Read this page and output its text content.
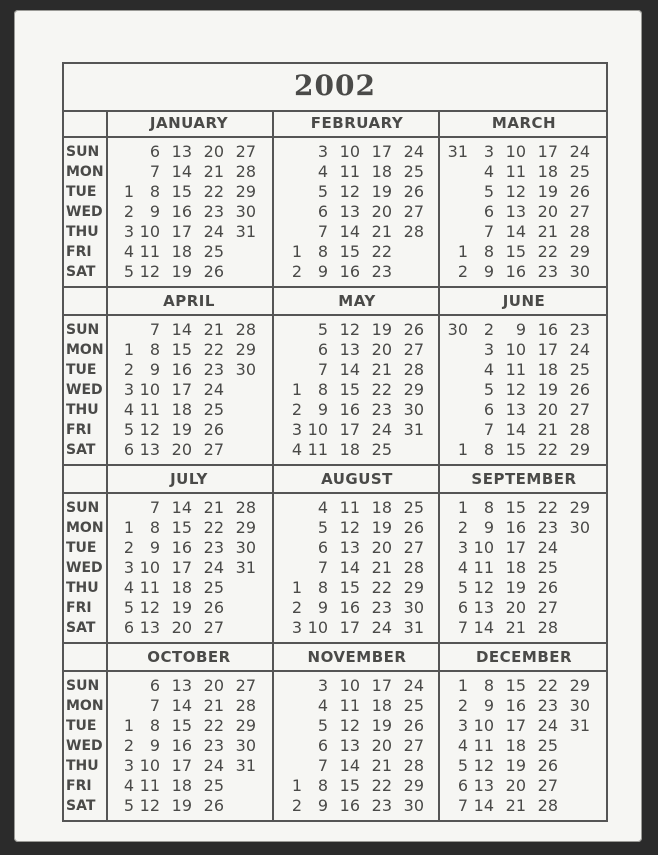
2002
SUN
MON
TUE
WED
THU
FRI
SAT
JANUARY
6 13 20 27
7 14 21 28
1 8 15 22 29
2 9 16 23 30
3 10 17 24 31
4 11 18 25
5 12 19 26
FEBRUARY
3 10 17 24
4 11 18 25
5 12 19 26
6 13 20 27
7 14 21 28
1 8 15 22
2 9 16 23
MARCH
31 3 10 17 24
4 11 18 25
5 12 19 26
6 13 20 27
7 14 21 28
1 8 15 22 29
2 9 16 23 30
SUN
MON
TUE
WED
THU
FRI
SAT
APRIL
7 14 21 28
1 8 15 22 29
2 9 16 23 30
3 10 17 24
4 11 18 25
5 12 19 26
6 13 20 27
MAY
5 12 19 26
6 13 20 27
7 14 21 28
1 8 15 22 29
2 9 16 23 30
3 10 17 24 31
4 11 18 25
JUNE
30 2	9 16 23
3 10 17 24
4 11 18 25
5 12 19 26
6 13 20 27
7 14 21 28
1 8 15 22 29
SUN
MON
TUE
WED
THU
FRI
SAT
JULY
7 14 21 28
1 8 15 22 29
2 9 16 23 30
3 10 17 24 31
4 11 18 25
5 12 19 26
6 13 20 27
AUGUST
4 11 18 25
5 12 19 26
6 13 20 27
7 14 21 28
1 8 15 22 29
2 9 16 23 30
3 10 17 24 31
SEPTEMBER
1 8 15 22 29
2 9 16 23 30
3 10 17 24
4 11 18 25
5 12 19 26
6 13 20 27
7 14 21 28
SUN
MON
TUE
WED
THU
FRI
SAT
OCTOBER
6 13 20 27
7 14 21 28
1 8 15 22 29
2 9 16 23 30
3 10 17 24 31
4 11 18 25
5 12 19 26
NOVEMBER
3 10 17 24
4 11 18 25
5 12 19 26
6 13 20 27
7 14 21 28
1 8 15 22 29
2 9 16 23 30
DECEMBER
1 8 15 22 29
2 9 16 23 30
3 10 17 24 31
4 11 18 25
5 12 19 26
6 13 20 27
7 14 21 28
